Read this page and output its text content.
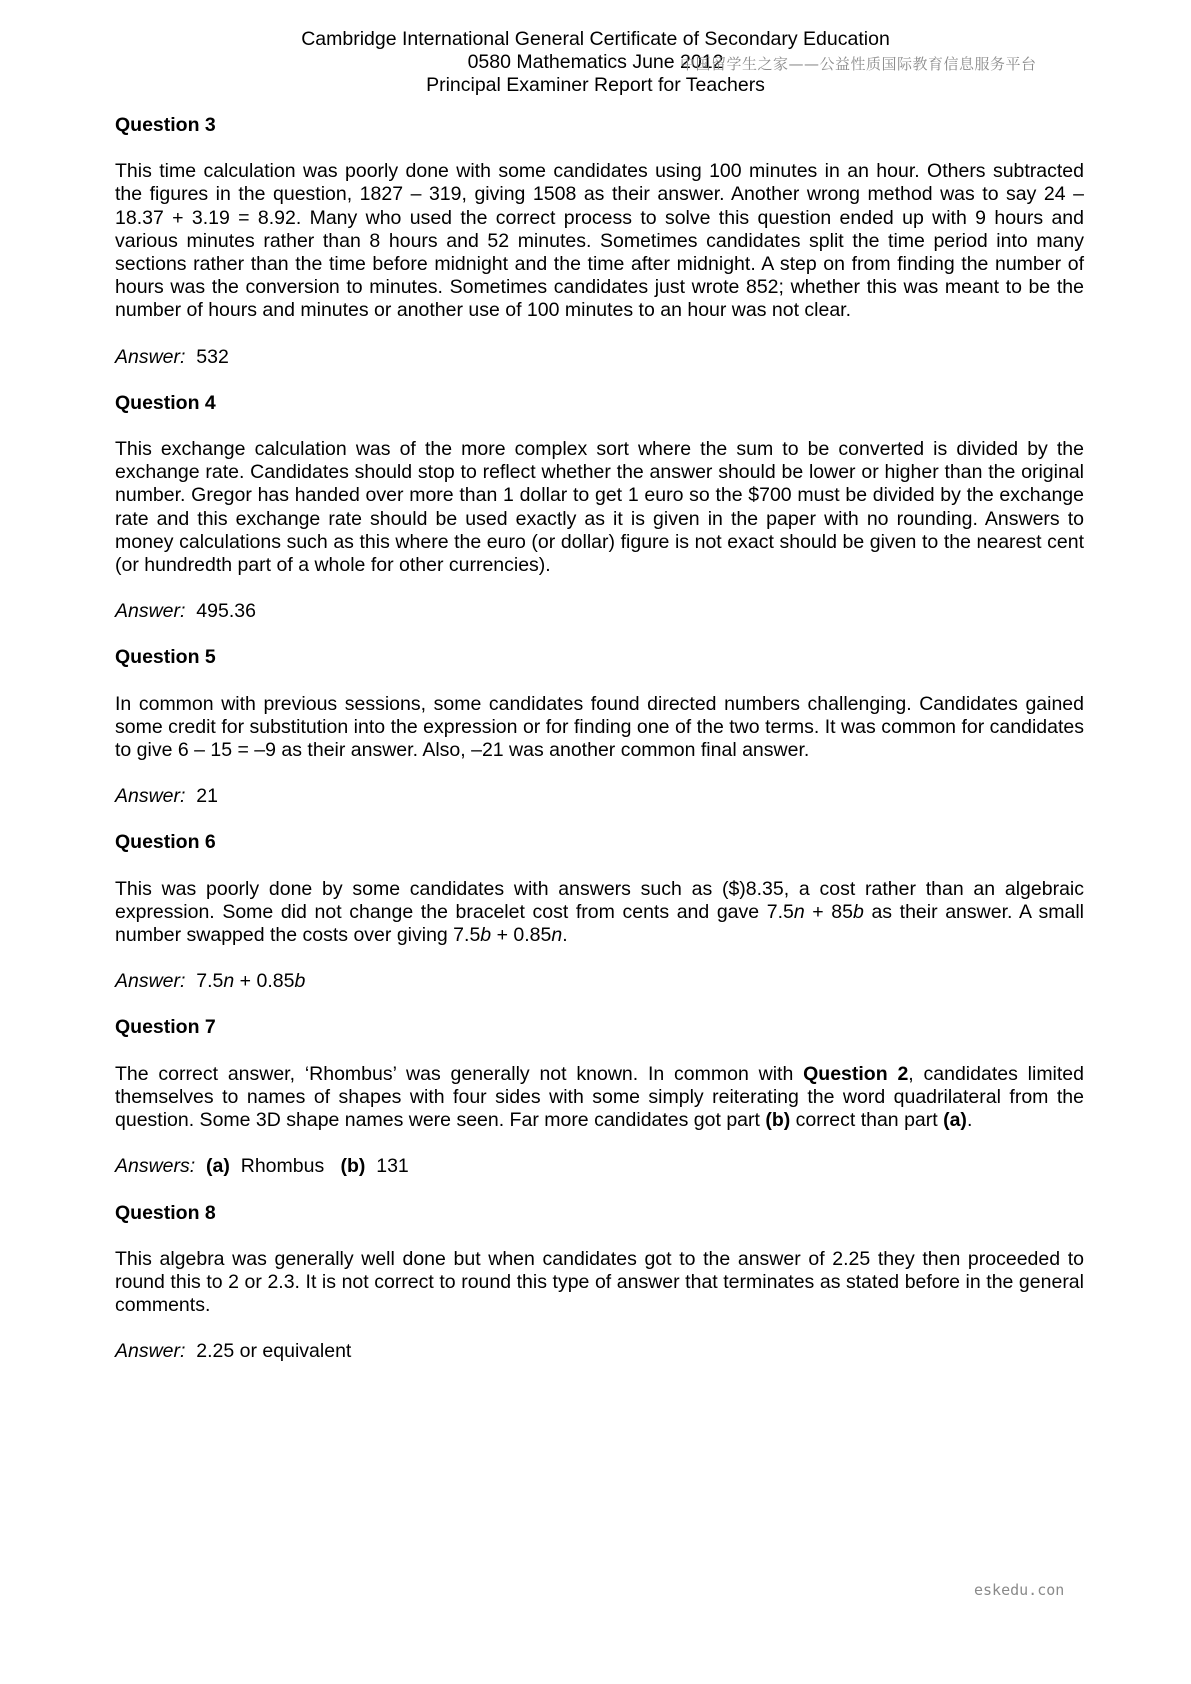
Cambridge International General Certificate of Secondary Education
0580 Mathematics June 2012
Principal Examiner Report for Teachers
中国留学生之家——公益性质国际教育信息服务平台
Question 3
This time calculation was poorly done with some candidates using 100 minutes in an hour. Others subtracted the figures in the question, 1827 – 319, giving 1508 as their answer. Another wrong method was to say 24 – 18.37 + 3.19 = 8.92. Many who used the correct process to solve this question ended up with 9 hours and various minutes rather than 8 hours and 52 minutes. Sometimes candidates split the time period into many sections rather than the time before midnight and the time after midnight. A step on from finding the number of hours was the conversion to minutes. Sometimes candidates just wrote 852; whether this was meant to be the number of hours and minutes or another use of 100 minutes to an hour was not clear.
Answer: 532
Question 4
This exchange calculation was of the more complex sort where the sum to be converted is divided by the exchange rate. Candidates should stop to reflect whether the answer should be lower or higher than the original number. Gregor has handed over more than 1 dollar to get 1 euro so the $700 must be divided by the exchange rate and this exchange rate should be used exactly as it is given in the paper with no rounding. Answers to money calculations such as this where the euro (or dollar) figure is not exact should be given to the nearest cent (or hundredth part of a whole for other currencies).
Answer: 495.36
Question 5
In common with previous sessions, some candidates found directed numbers challenging. Candidates gained some credit for substitution into the expression or for finding one of the two terms. It was common for candidates to give 6 – 15 = –9 as their answer. Also, –21 was another common final answer.
Answer: 21
Question 6
This was poorly done by some candidates with answers such as ($)8.35, a cost rather than an algebraic expression. Some did not change the bracelet cost from cents and gave 7.5n + 85b as their answer. A small number swapped the costs over giving 7.5b + 0.85n.
Answer: 7.5n + 0.85b
Question 7
The correct answer, ‘Rhombus’ was generally not known. In common with Question 2, candidates limited themselves to names of shapes with four sides with some simply reiterating the word quadrilateral from the question. Some 3D shape names were seen. Far more candidates got part (b) correct than part (a).
Answers: (a) Rhombus (b) 131
Question 8
This algebra was generally well done but when candidates got to the answer of 2.25 they then proceeded to round this to 2 or 2.3. It is not correct to round this type of answer that terminates as stated before in the general comments.
Answer: 2.25 or equivalent
eskedu.con
